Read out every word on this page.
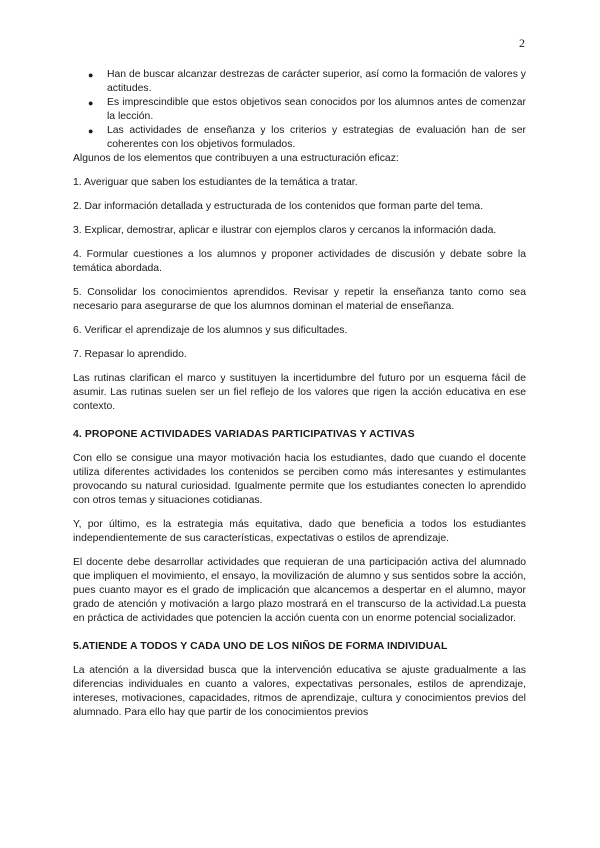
2
● Han de buscar alcanzar destrezas de carácter superior, así como la formación de valores y actitudes.
● Es imprescindible que estos objetivos sean conocidos por los alumnos antes de comenzar la lección.
● Las actividades de enseñanza y los criterios y estrategias de evaluación han de ser coherentes con los objetivos formulados.

Algunos de los elementos que contribuyen a una estructuración eficaz:

1. Averiguar que saben los estudiantes de la temática a tratar.

2. Dar información detallada y estructurada de los contenidos que forman parte del tema.

3. Explicar, demostrar, aplicar e ilustrar con ejemplos claros y cercanos la información dada.

4. Formular cuestiones a los alumnos y proponer actividades de discusión y debate sobre la temática abordada.

5. Consolidar los conocimientos aprendidos. Revisar y repetir la enseñanza tanto como sea necesario para asegurarse de que los alumnos dominan el material de enseñanza.

6. Verificar el aprendizaje de los alumnos y sus dificultades.

7. Repasar lo aprendido.

Las rutinas clarifican el marco y sustituyen la incertidumbre del futuro por un esquema fácil de asumir. Las rutinas suelen ser un fiel reflejo de los valores que rigen la acción educativa en ese contexto.

4. PROPONE ACTIVIDADES VARIADAS PARTICIPATIVAS Y ACTIVAS

Con ello se consigue una mayor motivación hacia los estudiantes, dado que cuando el docente utiliza diferentes actividades los contenidos se perciben como más interesantes y estimulantes provocando su natural curiosidad. Igualmente permite que los estudiantes conecten lo aprendido con otros temas y situaciones cotidianas.

Y, por último, es la estrategia más equitativa, dado que beneficia a todos los estudiantes independientemente de sus características, expectativas o estilos de aprendizaje.

El docente debe desarrollar actividades que requieran de una participación activa del alumnado que impliquen el movimiento, el ensayo, la movilización de alumno y sus sentidos sobre la acción, pues cuanto mayor es el grado de implicación que alcancemos a despertar en el alumno, mayor grado de atención y motivación a largo plazo mostrará en el transcurso de la actividad.La puesta en práctica de actividades que potencien la acción cuenta con un enorme potencial socializador.

5.ATIENDE A TODOS Y CADA UNO DE LOS NIÑOS DE FORMA INDIVIDUAL

La atención a la diversidad busca que la intervención educativa se ajuste gradualmente a las diferencias individuales en cuanto a valores, expectativas personales, estilos de aprendizaje, intereses, motivaciones, capacidades, ritmos de aprendizaje, cultura y conocimientos previos del alumnado. Para ello hay que partir de los conocimientos previos
